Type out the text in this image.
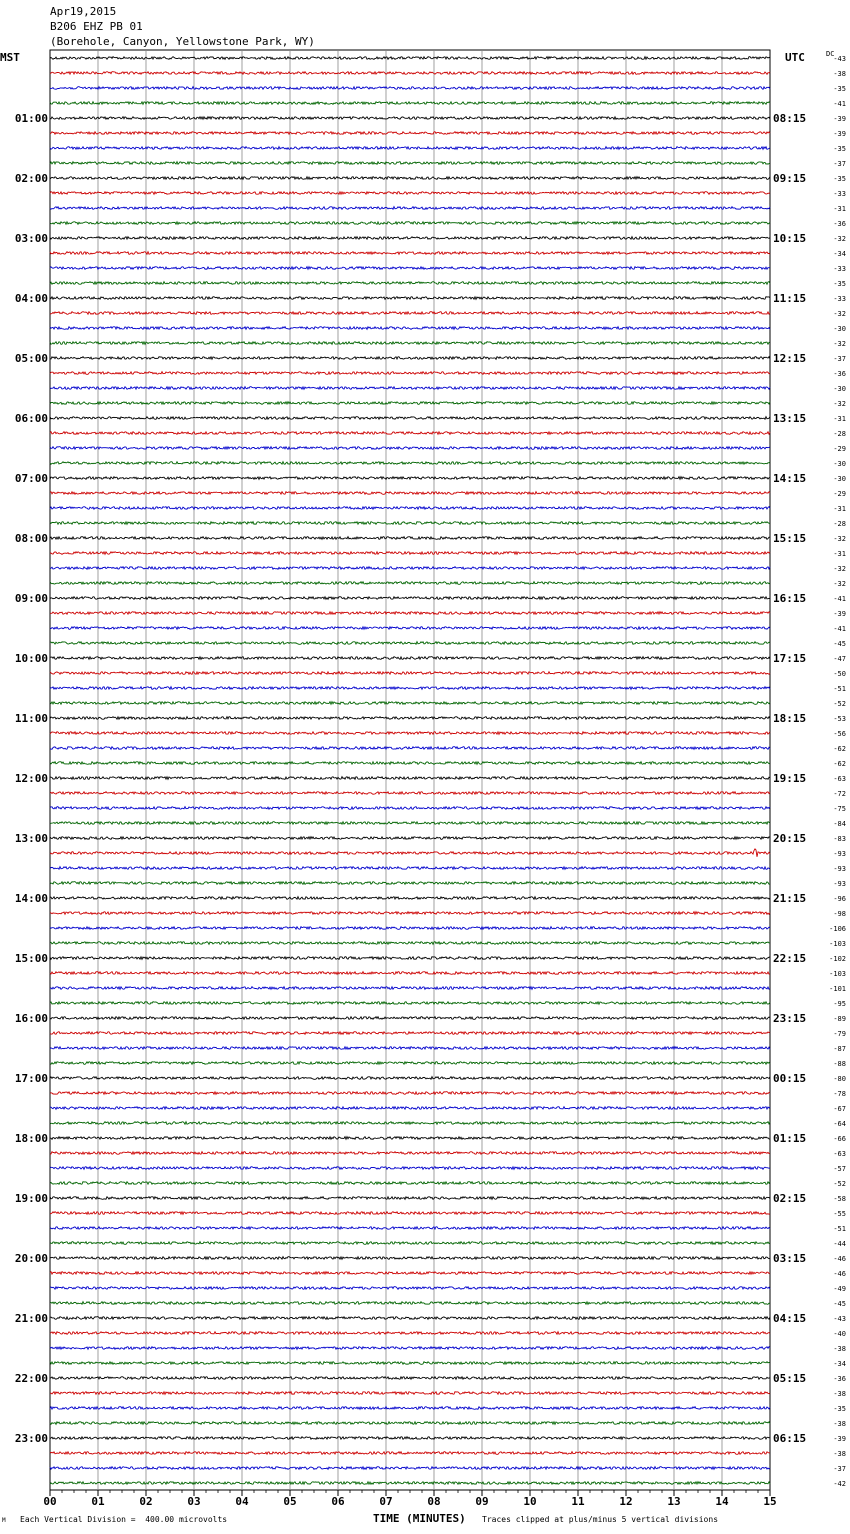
Apr19,2015
B206 EHZ PB 01
(Borehole, Canyon, Yellowstone Park, WY)
00	01	02	03	04	05	06	07	08	09	10	11	12	13	14	15
MST	UTC	DC
01:00
02:00
03:00
04:00
05:00
06:00
07:00
08:00
09:00
10:00
11:00
12:00
13:00
14:00
15:00
16:00
17:00
18:00
19:00
20:00
21:00
22:00
23:00
08:15
09:15
10:15
11:15
12:15
13:15
14:15
15:15
16:15
17:15
18:15
19:15
20:15
21:15
22:15
23:15
00:15
01:15
02:15
03:15
04:15
05:15
06:15
-43
-38
-35
-41
-39
-39
-35
-37
-35
-33
-31
-36
-32
-34
-33
-35
-33
-32
-30
-32
-37
-36
-30
-32
-31
-28
-29
-30
-30
-29
-31
-28
-32
-31
-32
-32
-41
-39
-41
-45
-47
-50
-51
-52
-53
-56
-62
-62
-63
-72
-75
-84
-83
-93
-93
-93
-96
-98
-106
-103
-102
-103
-101
-95
-89
-79
-87
-88
-80
-78
-67
-64
-66
-63
-57
-52
-58
-55
-51
-44
-46
-46
-49
-45
-43
-40
-38
-34
-36
-38
-35
-38
-39
-38
-37
-42
M Each Vertical Division =  400.00 microvolts	TIME (MINUTES) Traces clipped at plus/minus 5 vertical divisions
